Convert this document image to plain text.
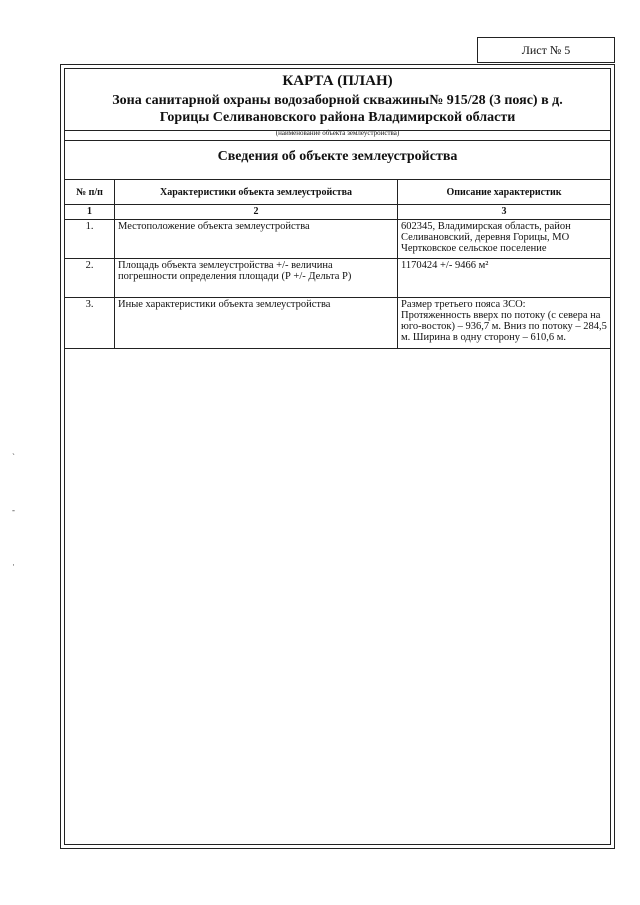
Лист № 5
КАРТА (ПЛАН)
Зона санитарной охраны водозаборной скважины№ 915/28 (3 пояс) в д.
Горицы Селивановского района Владимирской области
(наименование объекта землеустройства)
Сведения об объекте землеустройства
№ п/п	Характеристики объекта землеустройства	Описание характеристик
1	2	3
1.	Местоположение объекта землеустройства	602345, Владимирская область, район Селивановский, деревня Горицы, МО Чертковское сельское поселение
2.	Площадь объекта землеустройства +/- величина погрешности определения площади (Р +/- Дельта Р)	1170424 +/- 9466 м²
3.	Иные характеристики объекта землеустройства	Размер третьего пояса ЗСО:
Протяженность вверх по потоку (с севера на юго-восток) – 936,7 м. Вниз по потоку – 284,5 м. Ширина в одну сторону – 610,6 м.
`
-
·
